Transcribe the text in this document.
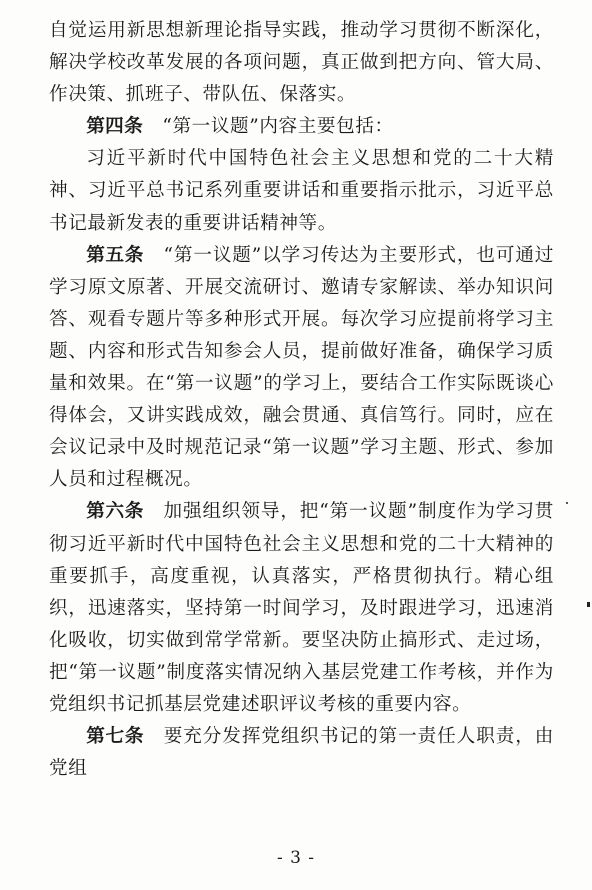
自觉运用新思想新理论指导实践，推动学习贯彻不断深化，解决学校改革发展的各项问题，真正做到把方向、管大局、作决策、抓班子、带队伍、保落实。

第四条　“第一议题”内容主要包括：

习近平新时代中国特色社会主义思想和党的二十大精神、习近平总书记系列重要讲话和重要指示批示，习近平总书记最新发表的重要讲话精神等。

第五条　“第一议题”以学习传达为主要形式，也可通过学习原文原著、开展交流研讨、邀请专家解读、举办知识问答、观看专题片等多种形式开展。每次学习应提前将学习主题、内容和形式告知参会人员，提前做好准备，确保学习质量和效果。在“第一议题”的学习上，要结合工作实际既谈心得体会，又讲实践成效，融会贯通、真信笃行。同时，应在会议记录中及时规范记录“第一议题”学习主题、形式、参加人员和过程概况。

第六条　加强组织领导，把“第一议题”制度作为学习贯彻习近平新时代中国特色社会主义思想和党的二十大精神的重要抓手，高度重视，认真落实，严格贯彻执行。精心组织，迅速落实，坚持第一时间学习，及时跟进学习，迅速消化吸收，切实做到常学常新。要坚决防止搞形式、走过场，把“第一议题”制度落实情况纳入基层党建工作考核，并作为党组织书记抓基层党建述职评议考核的重要内容。

第七条　要充分发挥党组织书记的第一责任人职责，由党组

- 3 -
